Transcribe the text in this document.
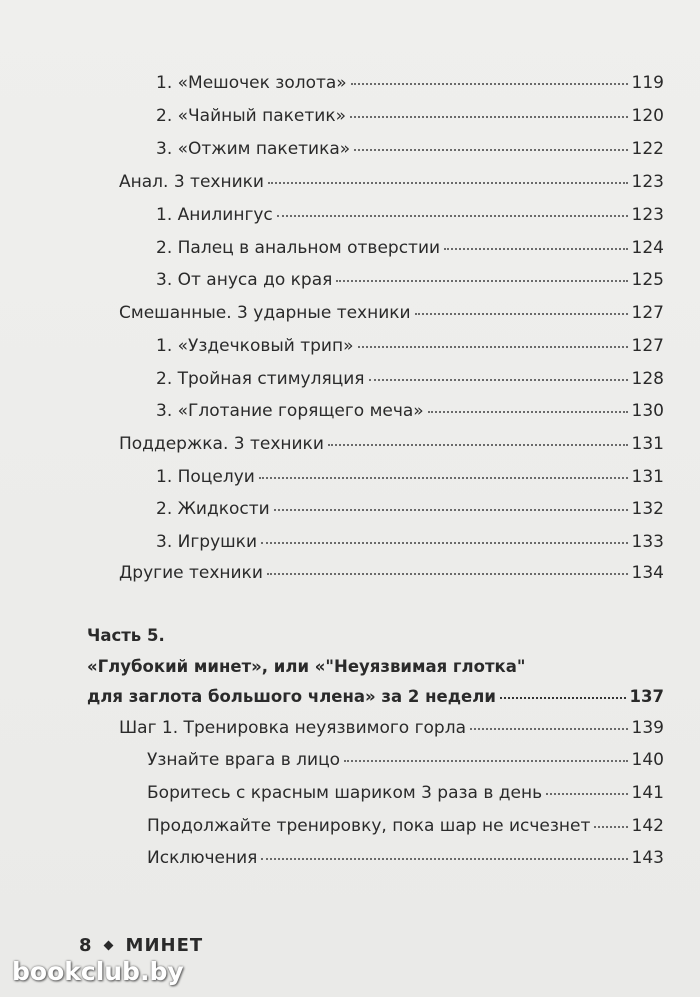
1. «Мешочек золота»	119
2. «Чайный пакетик»	120
3. «Отжим пакетика»	122
Анал. 3 техники	123
1. Анилингус	123
2. Палец в анальном отверстии	124
3. От ануса до края	125
Смешанные. 3 ударные техники	127
1. «Уздечковый трип»	127
2. Тройная стимуляция	128
3. «Глотание горящего меча»	130
Поддержка. 3 техники	131
1. Поцелуи	131
2. Жидкости	132
3. Игрушки	133
Другие техники	134
Часть 5.
«Глубокий минет», или «"Неуязвимая глотка"
для заглота большого члена» за 2 недели	137
Шаг 1. Тренировка неуязвимого горла	139
Узнайте врага в лицо	140
Боритесь с красным шариком 3 раза в день	141
Продолжайте тренировку, пока шар не исчезнет 142
Исключения	143
8 МИНЕТ
bookclub.by
